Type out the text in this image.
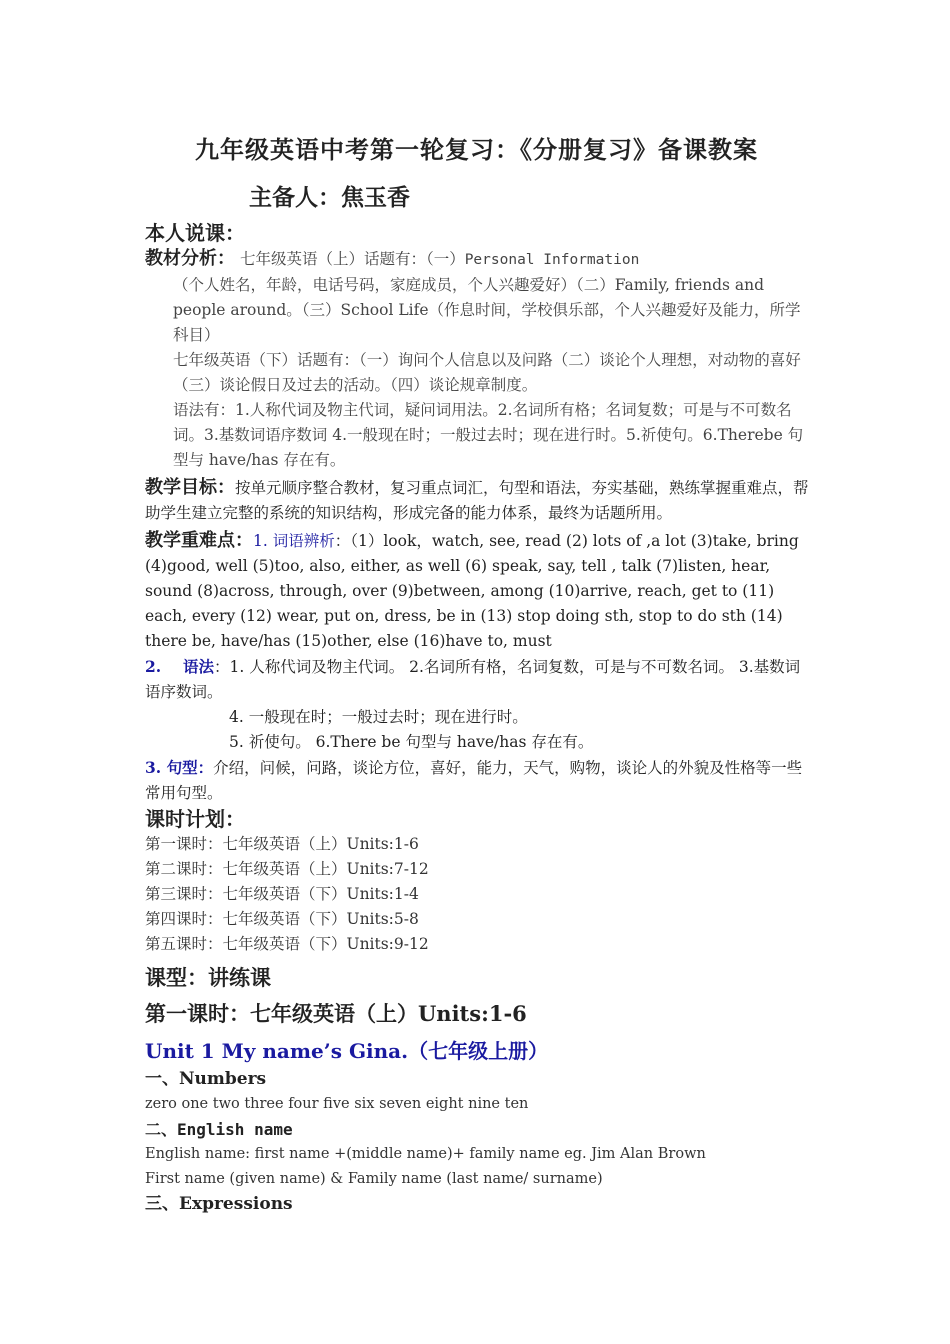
九年级英语中考第一轮复习：《分册复习》备课教案
主备人：焦玉香
本人说课：
教材分析： 七年级英语（上）话题有：（一）Personal Information
（个人姓名，年龄，电话号码，家庭成员，个人兴趣爱好）（二）Family, friends and people around。（三）School Life（作息时间，学校俱乐部，个人兴趣爱好及能力，所学科目）
七年级英语（下）话题有：（一）询问个人信息以及问路（二）谈论个人理想，对动物的喜好（三）谈论假日及过去的活动。（四）谈论规章制度。
语法有：1.人称代词及物主代词，疑问词用法。2.名词所有格；名词复数；可是与不可数名词。3.基数词语序数词 4.一般现在时；一般过去时；现在进行时。5.祈使句。6.Therebe 句型与 have/has 存在有。
教学目标：按单元顺序整合教材，复习重点词汇，句型和语法，夯实基础，熟练掌握重难点，帮助学生建立完整的系统的知识结构，形成完备的能力体系，最终为话题所用。
教学重难点：1. 词语辨析：（1）look，watch, see, read (2) lots of ,a lot (3)take, bring (4)good, well (5)too, also, either, as well (6) speak, say, tell , talk (7)listen, hear, sound (8)across, through, over (9)between, among (10)arrive, reach, get to (11) each, every (12) wear, put on, dress, be in (13) stop doing sth, stop to do sth (14) there be, have/has (15)other, else (16)have to, must
2. 语法：1. 人称代词及物主代词。 2.名词所有格，名词复数，可是与不可数名词。 3.基数词语序数词。
4. 一般现在时；一般过去时；现在进行时。
5. 祈使句。 6.There be 句型与 have/has 存在有。
3. 句型：介绍，问候，问路，谈论方位，喜好，能力，天气，购物，谈论人的外貌及性格等一些常用句型。
课时计划：
第一课时：七年级英语（上）Units:1-6
第二课时：七年级英语（上）Units:7-12
第三课时：七年级英语（下）Units:1-4
第四课时：七年级英语（下）Units:5-8
第五课时：七年级英语（下）Units:9-12
课型：讲练课
第一课时：七年级英语（上）Units:1-6
Unit 1 My name’s Gina.（七年级上册）
一、Numbers
zero one two three four five six seven eight nine ten
二、English name
English name: first name +(middle name)+ family name eg. Jim Alan Brown
First name (given name) & Family name (last name/ surname)
三、Expressions
